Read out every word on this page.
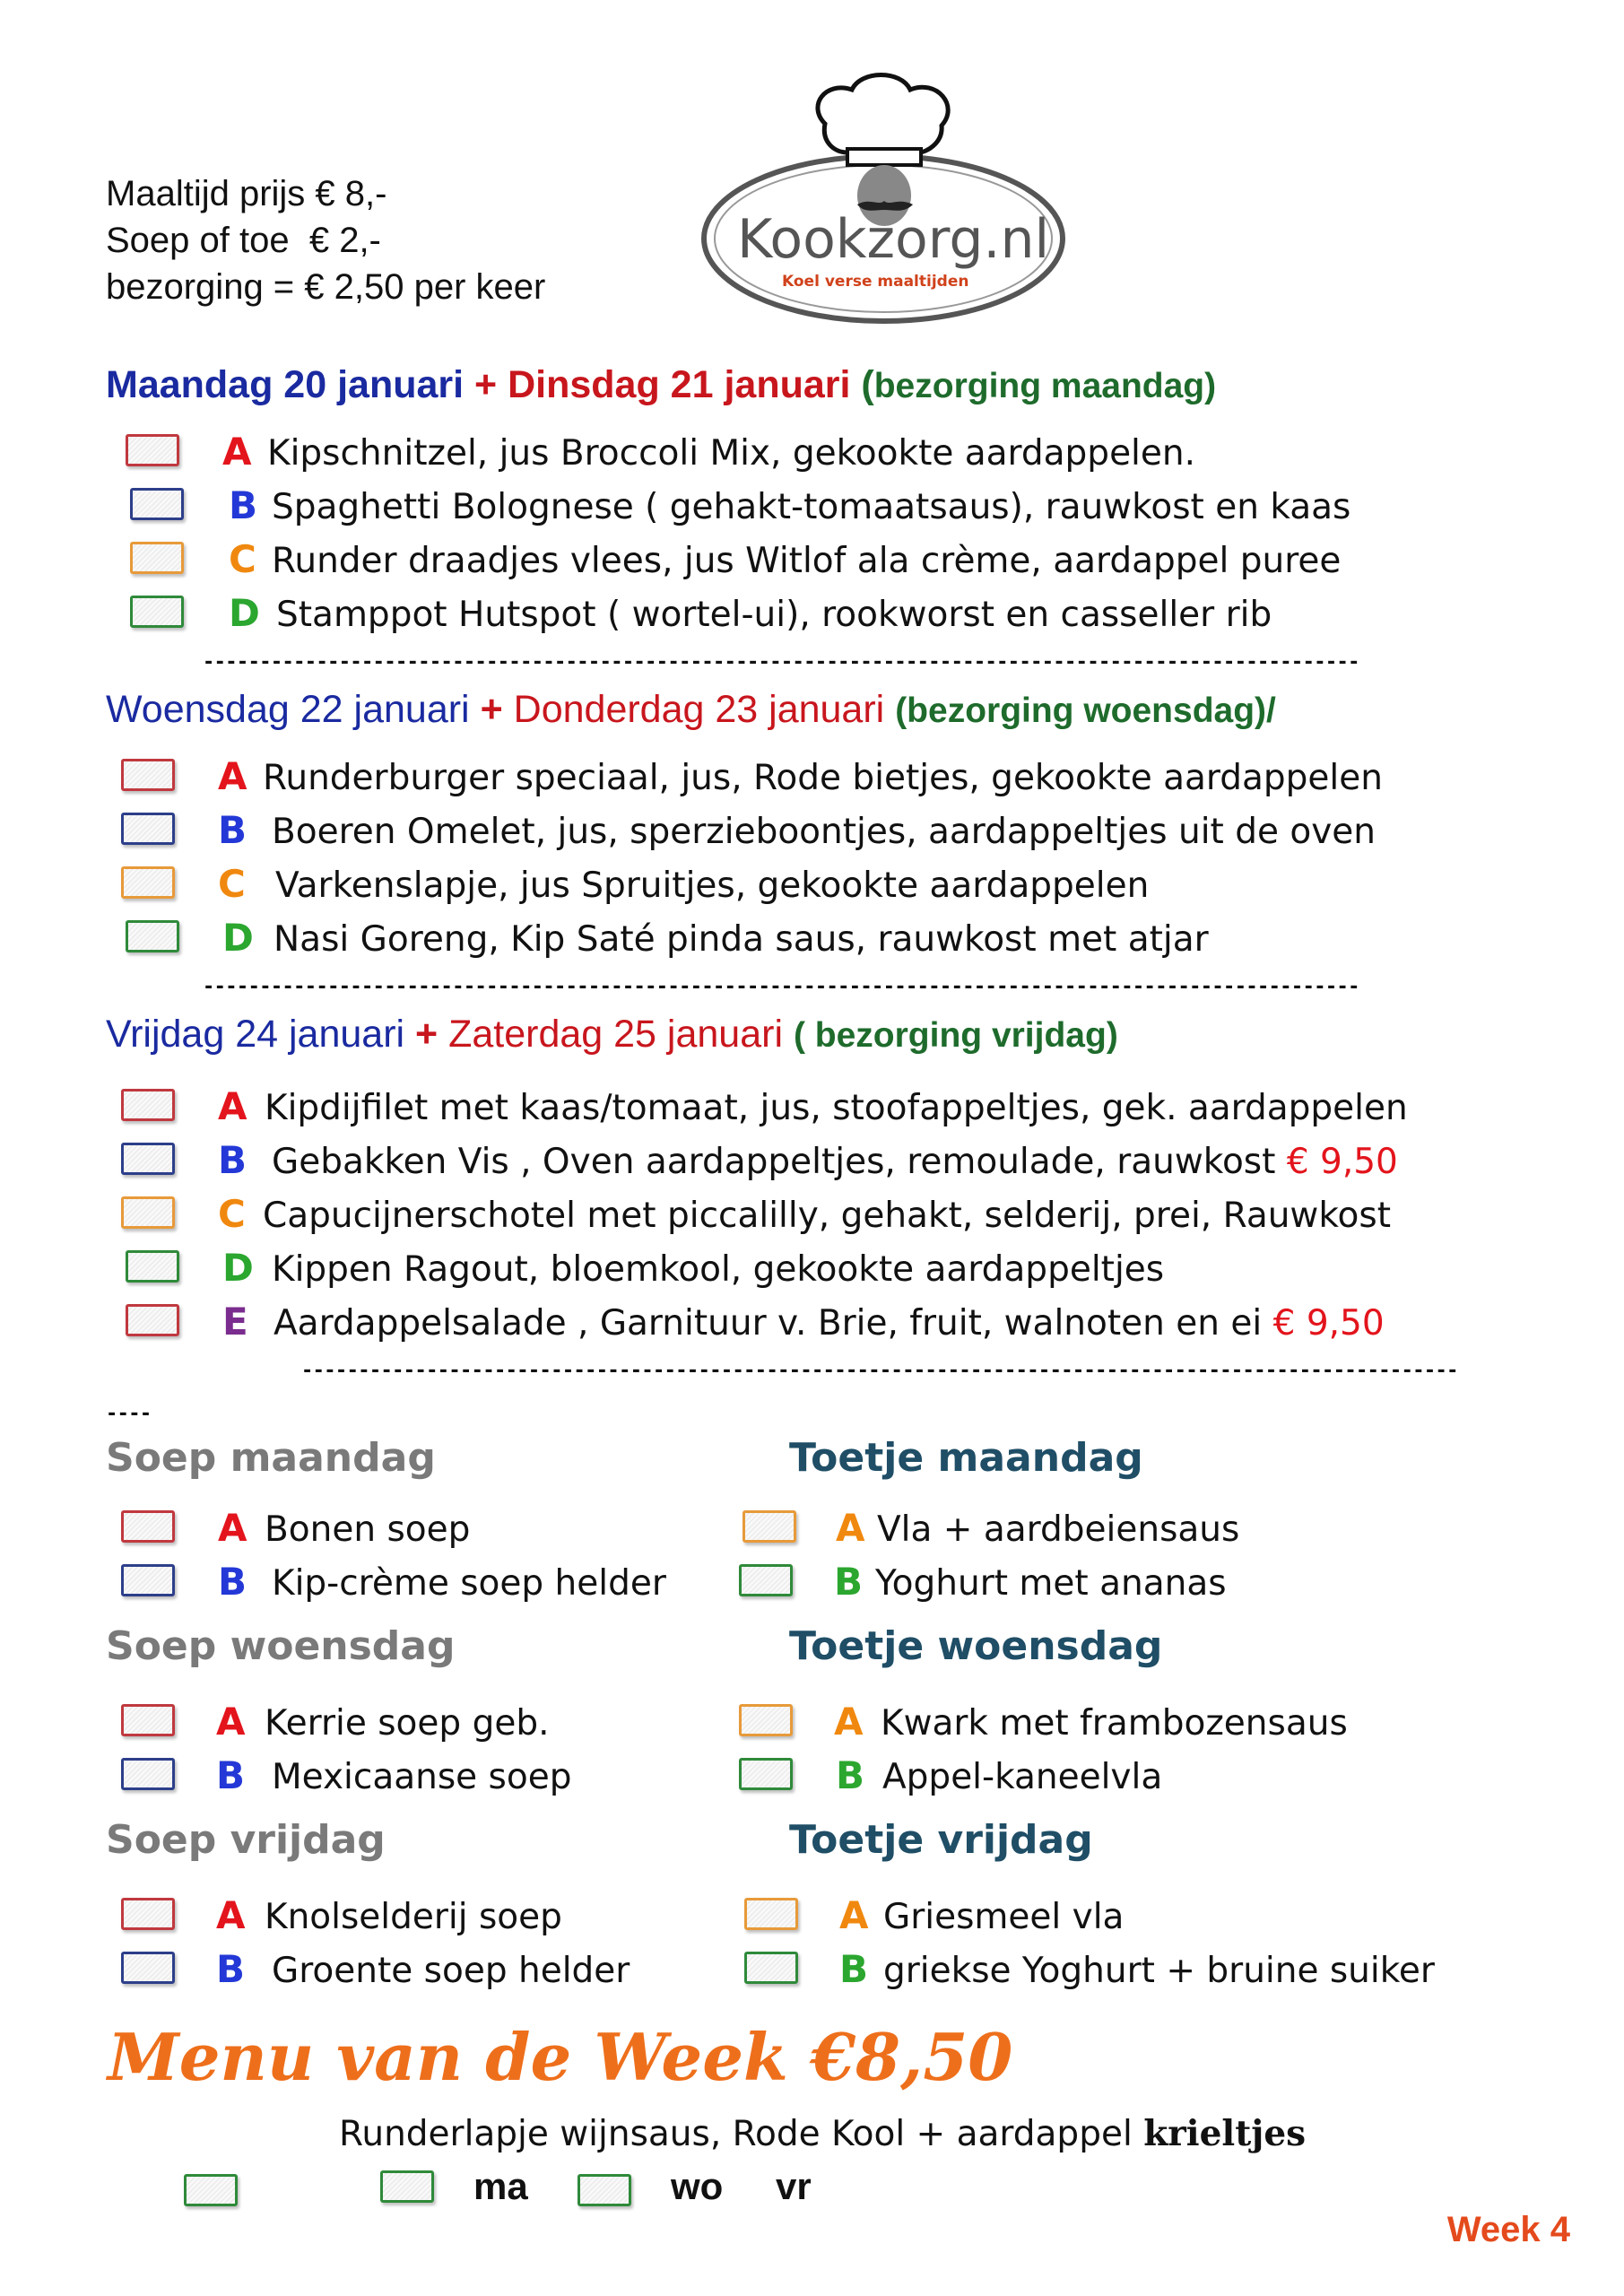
Maaltijd prijs € 8,-
Soep of toe  € 2,-
bezorging = € 2,50 per keer
Kookzorg.nl
Koel verse maaltijden
Maandag 20 januari + Dinsdag 21 januari (bezorging maandag)
A Kipschnitzel, jus Broccoli Mix, gekookte aardappelen.
B Spaghetti Bolognese ( gehakt-tomaatsaus), rauwkost en kaas
C Runder draadjes vlees, jus Witlof ala crème, aardappel puree
D Stamppot Hutspot ( wortel-ui), rookworst en casseller rib
------------------------------------------------------------------------------------------------------
Woensdag 22 januari + Donderdag 23 januari (bezorging woensdag)/
A Runderburger speciaal, jus, Rode bietjes, gekookte aardappelen
B Boeren Omelet, jus, sperzieboontjes, aardappeltjes uit de oven
C Varkenslapje, jus Spruitjes, gekookte aardappelen
D Nasi Goreng, Kip Saté pinda saus, rauwkost met atjar
------------------------------------------------------------------------------------------------------
Vrijdag 24 januari + Zaterdag 25 januari ( bezorging vrijdag)
A Kipdijfilet met kaas/tomaat, jus, stoofappeltjes, gek. aardappelen
B Gebakken Vis , Oven aardappeltjes, remoulade, rauwkost € 9,50
C Capucijnerschotel met piccalilly, gehakt, selderij, prei, Rauwkost
D Kippen Ragout, bloemkool, gekookte aardappeltjes
E Aardappelsalade , Garnituur v. Brie, fruit, walnoten en ei € 9,50
------------------------------------------------------------------------------------------------------
----
Soep maandag
A Bonen soep
B Kip-crème soep helder
Soep woensdag
A Kerrie soep geb.
B Mexicaanse soep
Soep vrijdag
A Knolselderij soep
B Groente soep helder
Toetje maandag
A Vla + aardbeiensaus
B Yoghurt met ananas
Toetje woensdag
A Kwark met frambozensaus
B Appel-kaneelvla
Toetje vrijdag
A Griesmeel vla
B griekse Yoghurt + bruine suiker
Menu van de Week €8,50
Runderlapje wijnsaus, Rode Kool + aardappel krieltjes
ma	wo vr
Week 4
